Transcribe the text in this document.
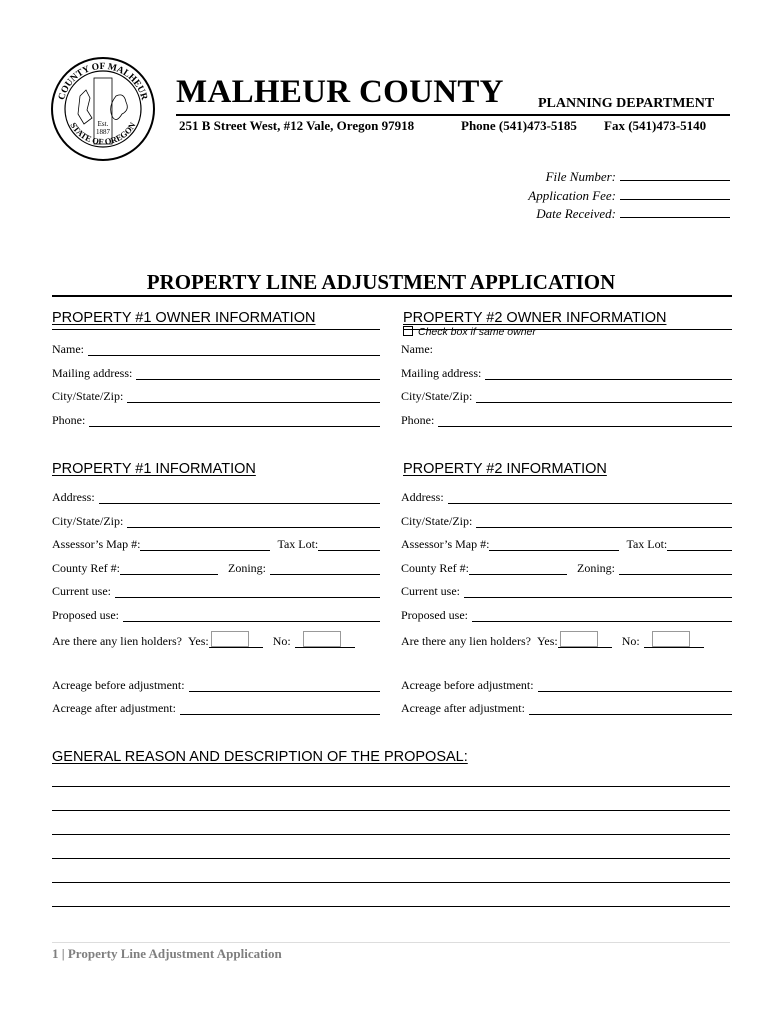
COUNTY OF MALHEUR
STATE OF OREGON
Est.
1887
MALHEUR COUNTY PLANNING DEPARTMENT
251 B Street West, #12 Vale, Oregon 97918	Phone (541)473-5185 Fax (541)473-5140
File Number:
Application Fee:
Date Received:
PROPERTY LINE ADJUSTMENT APPLICATION
PROPERTY #1 OWNER INFORMATION	PROPERTY #2 OWNER INFORMATION
Check box if same owner
Name:
Mailing address:
City/State/Zip:
Phone:
Name:
Mailing address:
City/State/Zip:
Phone:
PROPERTY #1 INFORMATION	PROPERTY #2 INFORMATION
Address:
City/State/Zip:
Assessor’s Map #:	Tax Lot:
County Ref #:	Zoning:
Current use:
Proposed use:
Are there any lien holders? Yes:	No:
Acreage before adjustment:
Acreage after adjustment:
Address:
City/State/Zip:
Assessor’s Map #:	Tax Lot:
County Ref #:	Zoning:
Current use:
Proposed use:
Are there any lien holders? Yes:	No:
Acreage before adjustment:
Acreage after adjustment:
GENERAL REASON AND DESCRIPTION OF THE PROPOSAL:
1 | Property Line Adjustment Application
